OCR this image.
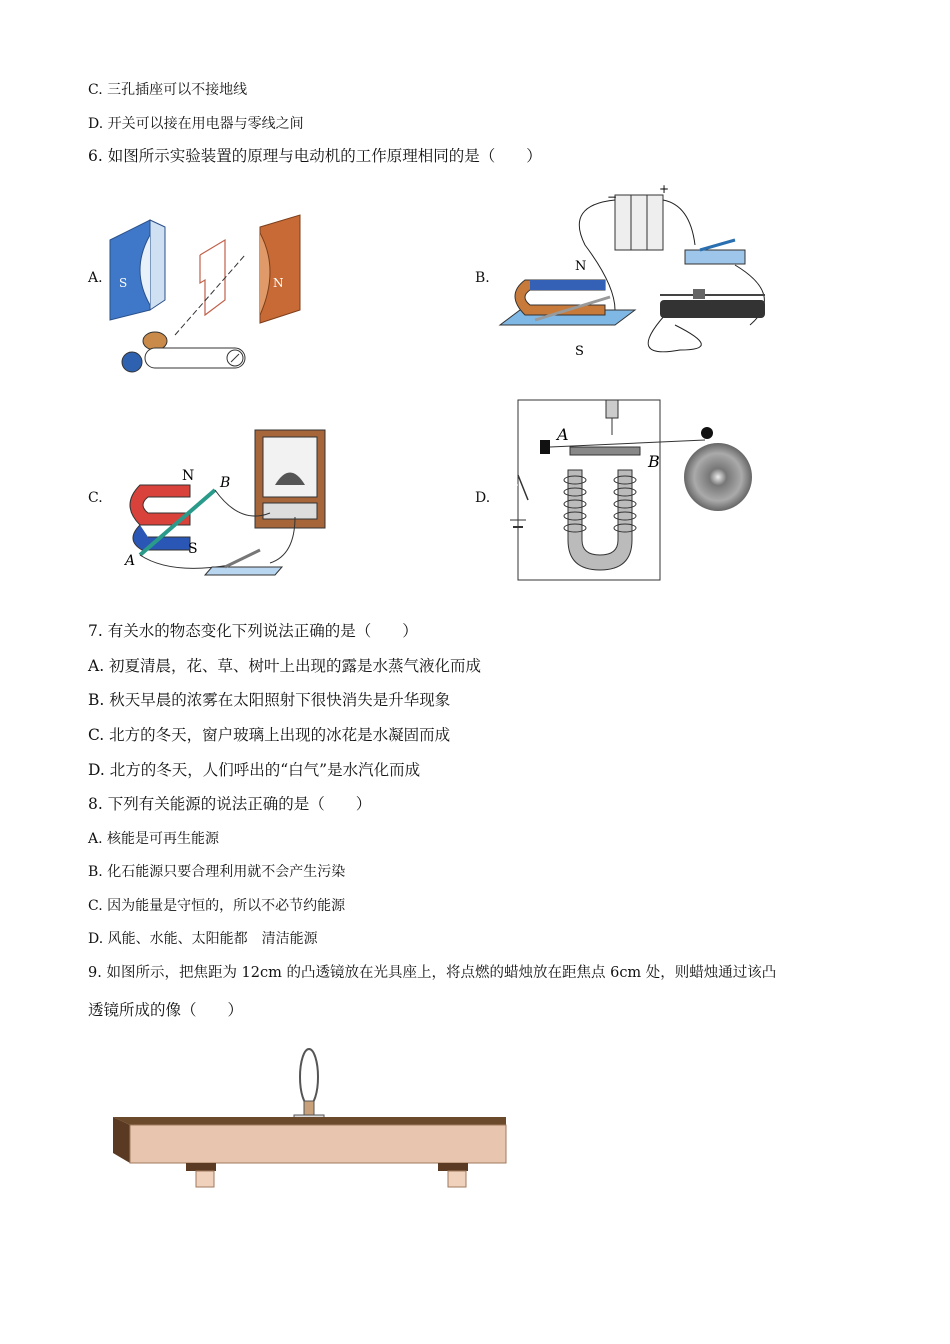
C. 三孔插座可以不接地线
D. 开关可以接在用电器与零线之间
6. 如图所示实验装置的原理与电动机的工作原理相同的是（　　）
A.	B.
C.	D.
S	N
−
+
N
S
N
S
A
B
A
B
7. 有关水的物态变化下列说法正确的是（　　）
A. 初夏清晨，花、草、树叶上出现的露是水蒸气液化而成
B. 秋天早晨的浓雾在太阳照射下很快消失是升华现象
C. 北方的冬天，窗户玻璃上出现的冰花是水凝固而成
D. 北方的冬天，人们呼出的“白气”是水汽化而成
8. 下列有关能源的说法正确的是（　　）
A. 核能是可再生能源
B. 化石能源只要合理利用就不会产生污染
C. 因为能量是守恒的，所以不必节约能源
D. 风能、水能、太阳能都　清洁能源
9. 如图所示，把焦距为 12cm 的凸透镜放在光具座上，将点燃的蜡烛放在距焦点 6cm 处，则蜡烛通过该凸
透镜所成的像（　　）
